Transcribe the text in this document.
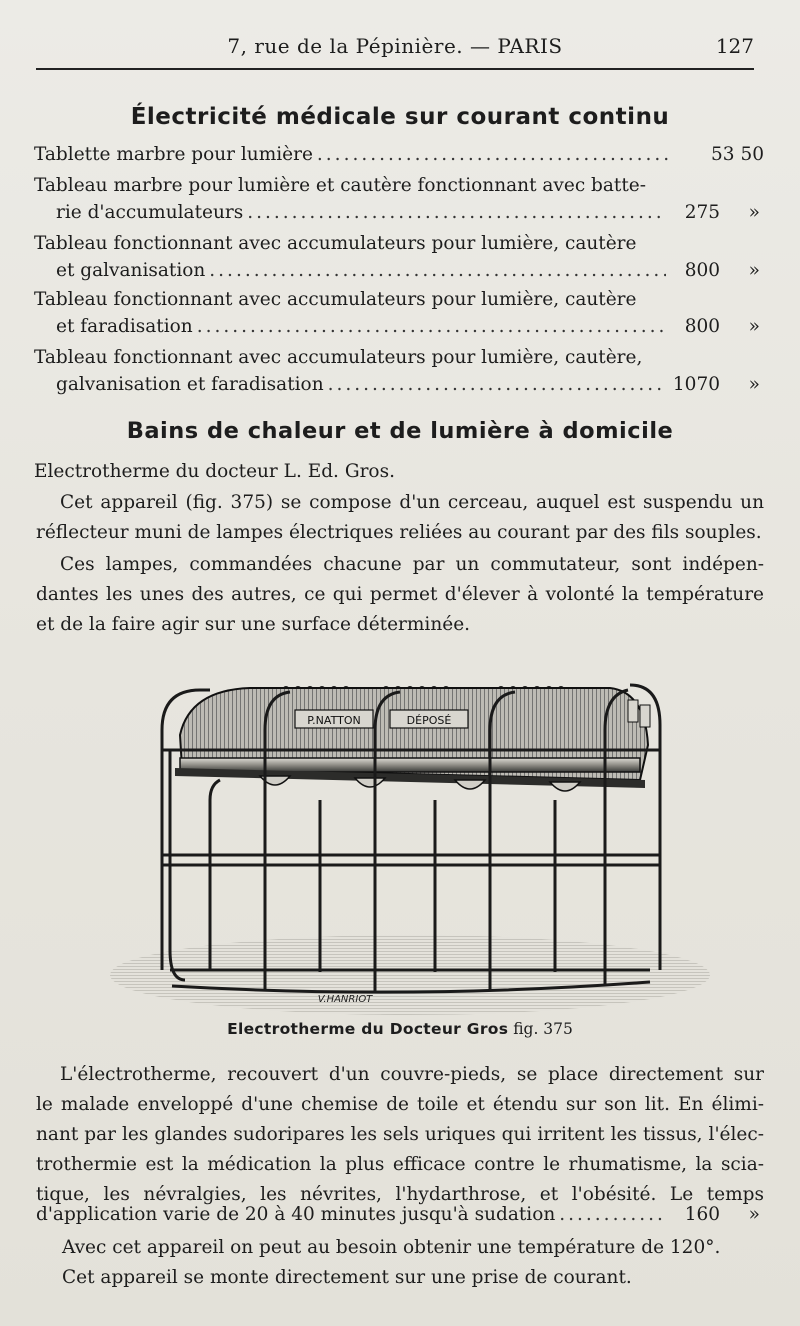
7, rue de la Pépinière. — PARIS	127
Électricité médicale sur courant continu
Tablette marbre pour lumière .....	53 50
Tableau marbre pour lumière et cautère fonctionnant avec batte-
rie d'accumulateurs .....	275	»
Tableau fonctionnant avec accumulateurs pour lumière, cautère
et galvanisation .....	800	»
Tableau fonctionnant avec accumulateurs pour lumière, cautère
et faradisation .....	800	»
Tableau fonctionnant avec accumulateurs pour lumière, cautère,
galvanisation et faradisation .....	1070	»
Bains de chaleur et de lumière à domicile
Electrotherme du docteur L. Ed. Gros.
Cet appareil (fig. 375) se compose d'un cerceau, auquel est suspendu un
réflecteur muni de lampes électriques reliées au courant par des fils souples.
Ces lampes, commandées chacune par un commutateur, sont indépen-
dantes les unes des autres, ce qui permet d'élever à volonté la température
et de la faire agir sur une surface déterminée.
P.NATTON	DÉPOSÉ
V.HANRIOT
Electrotherme du Docteur Gros fig. 375
L'électrotherme, recouvert d'un couvre-pieds, se place directement sur
le malade enveloppé d'une chemise de toile et étendu sur son lit. En élimi-
nant par les glandes sudoripares les sels uriques qui irritent les tissus, l'élec-
trothermie est la médication la plus efficace contre le rhumatisme, la scia-
tique, les névralgies, les névrites, l'hydarthrose, et l'obésité. Le temps
d'application varie de 20 à 40 minutes jusqu'à sudation .....	160	»
Avec cet appareil on peut au besoin obtenir une température de 120°.
Cet appareil se monte directement sur une prise de courant.
